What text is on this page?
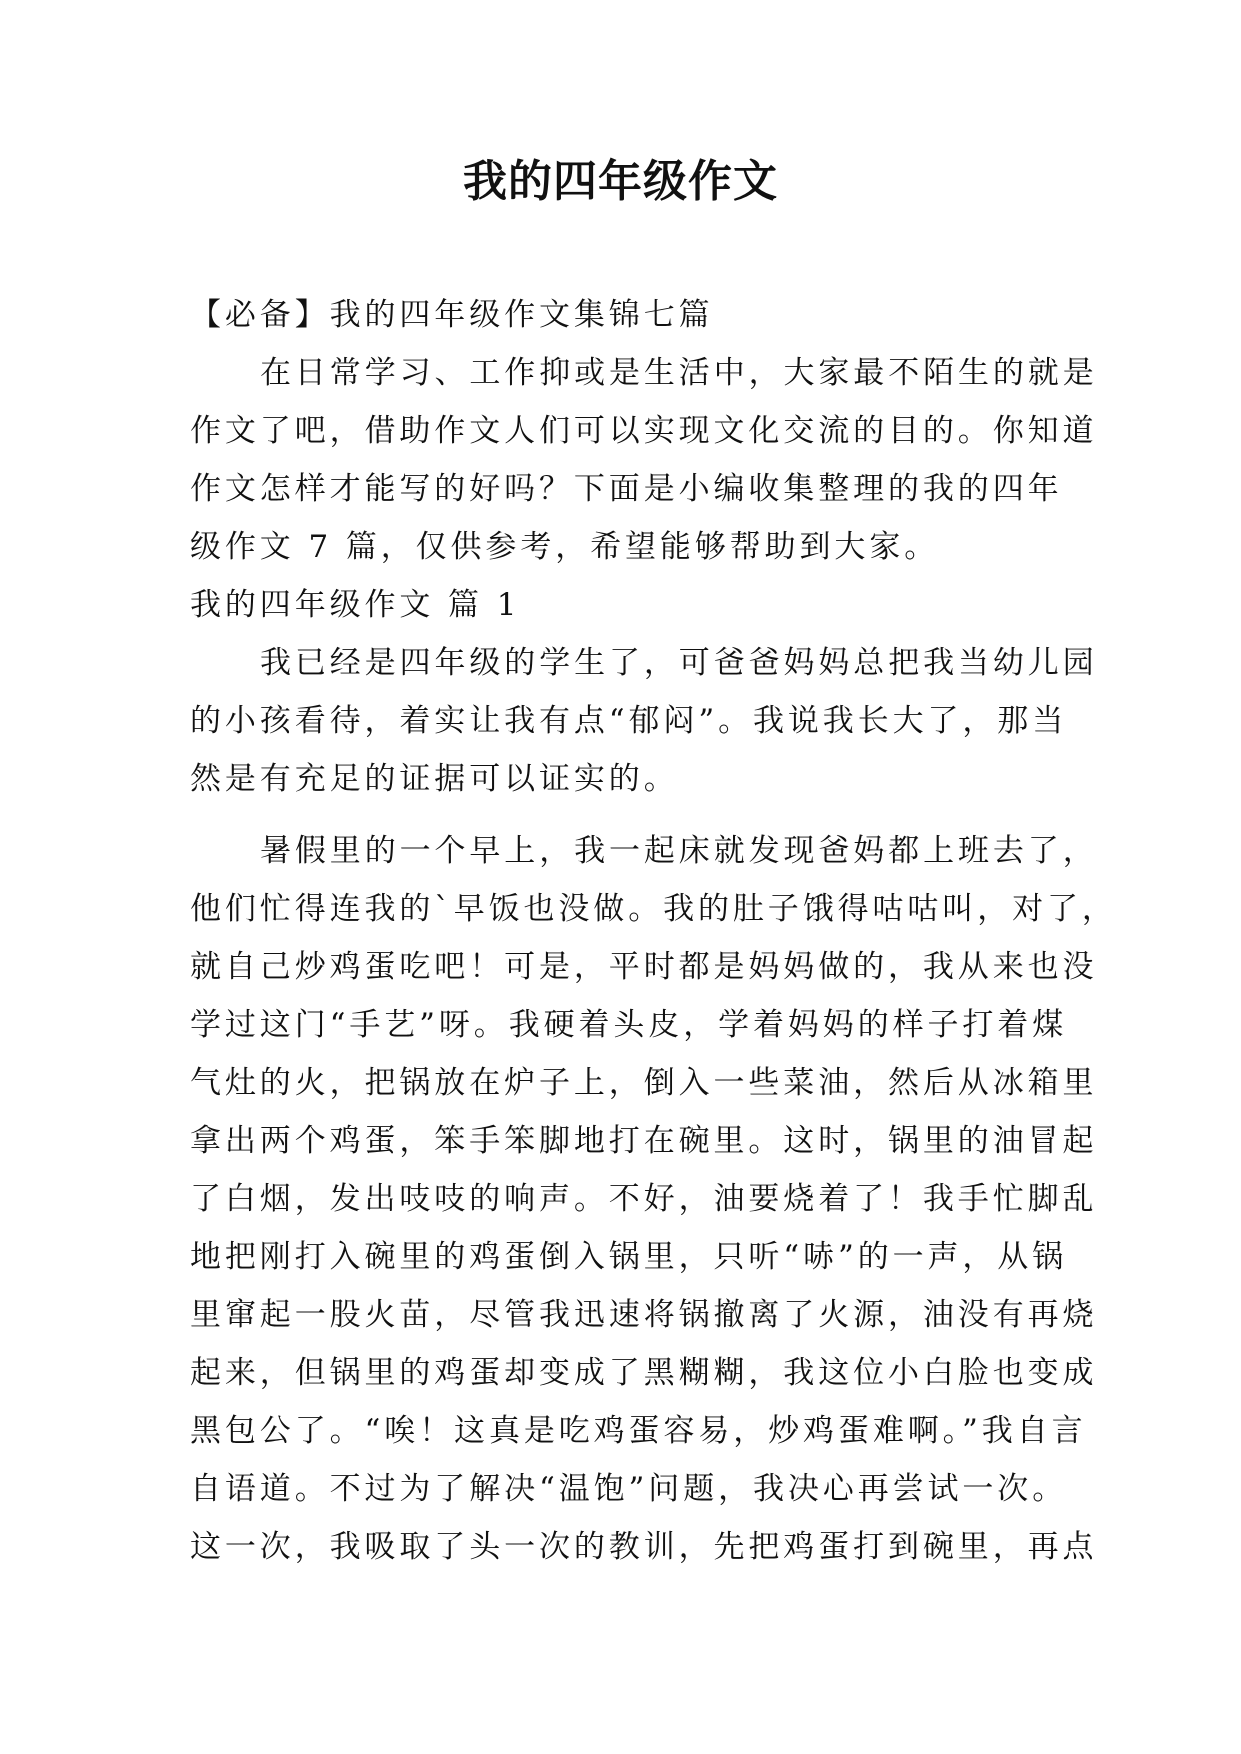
我的四年级作文
【必备】我的四年级作文集锦七篇
在日常学习、工作抑或是生活中，大家最不陌生的就是
作文了吧，借助作文人们可以实现文化交流的目的。你知道
作文怎样才能写的好吗？下面是小编收集整理的我的四年
级作文 7 篇，仅供参考，希望能够帮助到大家。
我的四年级作文 篇 1
我已经是四年级的学生了，可爸爸妈妈总把我当幼儿园
的小孩看待，着实让我有点“郁闷”。我说我长大了，那当
然是有充足的证据可以证实的。
暑假里的一个早上，我一起床就发现爸妈都上班去了，
他们忙得连我的`早饭也没做。我的肚子饿得咕咕叫，对了，
就自己炒鸡蛋吃吧！可是，平时都是妈妈做的，我从来也没
学过这门“手艺”呀。我硬着头皮，学着妈妈的样子打着煤
气灶的火，把锅放在炉子上，倒入一些菜油，然后从冰箱里
拿出两个鸡蛋，笨手笨脚地打在碗里。这时，锅里的油冒起
了白烟，发出吱吱的响声。不好，油要烧着了！我手忙脚乱
地把刚打入碗里的鸡蛋倒入锅里，只听“哧”的一声，从锅
里窜起一股火苗，尽管我迅速将锅撤离了火源，油没有再烧
起来，但锅里的鸡蛋却变成了黑糊糊，我这位小白脸也变成
黑包公了。“唉！这真是吃鸡蛋容易，炒鸡蛋难啊。”我自言
自语道。不过为了解决“温饱”问题，我决心再尝试一次。
这一次，我吸取了头一次的教训，先把鸡蛋打到碗里，再点
